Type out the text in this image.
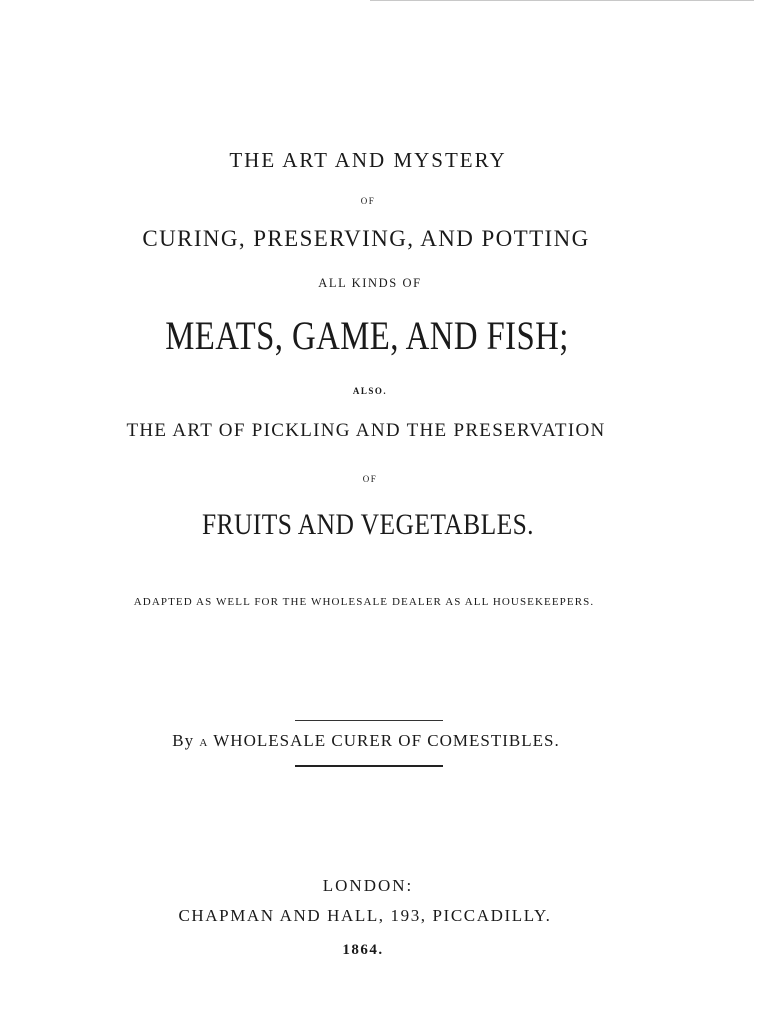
THE ART AND MYSTERY
OF
CURING, PRESERVING, AND POTTING
ALL KINDS OF
MEATS, GAME, AND FISH;
ALSO.
THE ART OF PICKLING AND THE PRESERVATION
OF
FRUITS AND VEGETABLES.
ADAPTED AS WELL FOR THE WHOLESALE DEALER AS ALL HOUSEKEEPERS.
By A WHOLESALE CURER OF COMESTIBLES.
LONDON:
CHAPMAN AND HALL, 193, PICCADILLY.
1864.
